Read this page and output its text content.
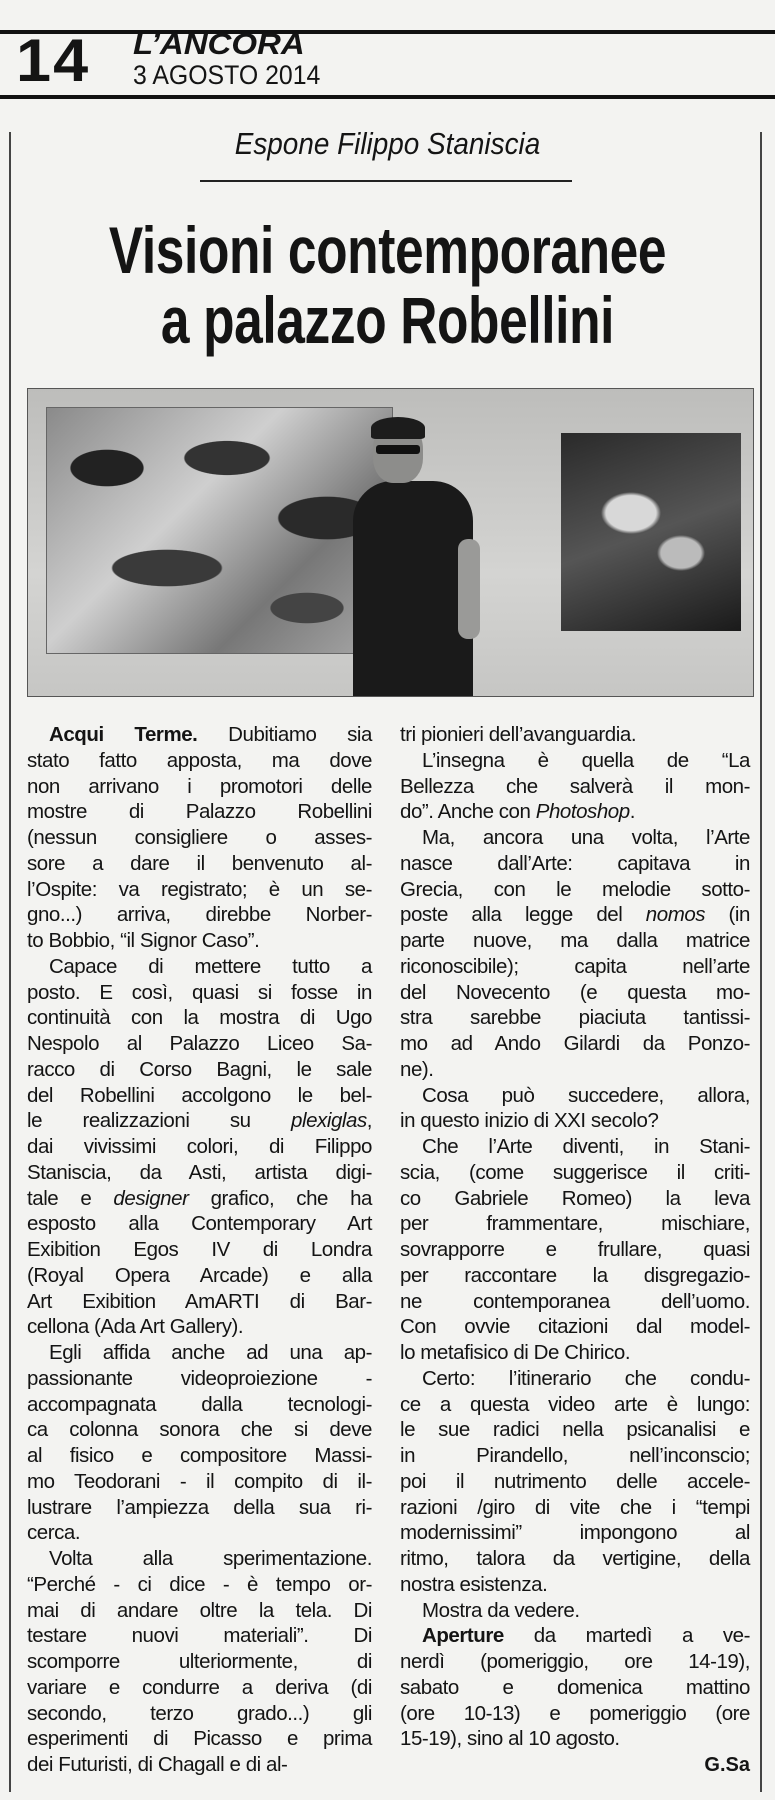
14 L’ANCORA
3 AGOSTO 2014
Espone Filippo Staniscia
Visioni contemporanee
a palazzo Robellini
Acqui Terme. Dubitiamo sia
stato fatto apposta, ma dove
non arrivano i promotori delle
mostre di Palazzo Robellini
(nessun consigliere o asses-
sore a dare il benvenuto al-
l’Ospite: va registrato; è un se-
gno...) arriva, direbbe Norber-
to Bobbio, “il Signor Caso”.
Capace di mettere tutto a
posto. E così, quasi si fosse in
continuità con la mostra di Ugo
Nespolo al Palazzo Liceo Sa-
racco di Corso Bagni, le sale
del Robellini accolgono le bel-
le realizzazioni su plexiglas,
dai vivissimi colori, di Filippo
Staniscia, da Asti, artista digi-
tale e designer grafico, che ha
esposto alla Contemporary Art
Exibition Egos IV di Londra
(Royal Opera Arcade) e alla
Art Exibition AmARTI di Bar-
cellona (Ada Art Gallery).
Egli affida anche ad una ap-
passionante videoproiezione -
accompagnata dalla tecnologi-
ca colonna sonora che si deve
al fisico e compositore Massi-
mo Teodorani - il compito di il-
lustrare l’ampiezza della sua ri-
cerca.
Volta alla sperimentazione.
“Perché - ci dice - è tempo or-
mai di andare oltre la tela. Di
testare nuovi materiali”. Di
scomporre ulteriormente, di
variare e condurre a deriva (di
secondo, terzo grado...) gli
esperimenti di Picasso e prima
dei Futuristi, di Chagall e di al-
tri pionieri dell’avanguardia.
L’insegna è quella de “La
Bellezza che salverà il mon-
do”. Anche con Photoshop.
Ma, ancora una volta, l’Arte
nasce dall’Arte: capitava in
Grecia, con le melodie sotto-
poste alla legge del nomos (in
parte nuove, ma dalla matrice
riconoscibile); capita nell’arte
del Novecento (e questa mo-
stra sarebbe piaciuta tantissi-
mo ad Ando Gilardi da Ponzo-
ne).
Cosa può succedere, allora,
in questo inizio di XXI secolo?
Che l’Arte diventi, in Stani-
scia, (come suggerisce il criti-
co Gabriele Romeo) la leva
per frammentare, mischiare,
sovrapporre e frullare, quasi
per raccontare la disgregazio-
ne contemporanea dell’uomo.
Con ovvie citazioni dal model-
lo metafisico di De Chirico.
Certo: l’itinerario che condu-
ce a questa video arte è lungo:
le sue radici nella psicanalisi e
in Pirandello, nell’inconscio;
poi il nutrimento delle accele-
razioni /giro di vite che i “tempi
modernissimi” impongono al
ritmo, talora da vertigine, della
nostra esistenza.
Mostra da vedere.
Aperture da martedì a ve-
nerdì (pomeriggio, ore 14-19),
sabato e domenica mattino
(ore 10-13) e pomeriggio (ore
15-19), sino al 10 agosto.
G.Sa
